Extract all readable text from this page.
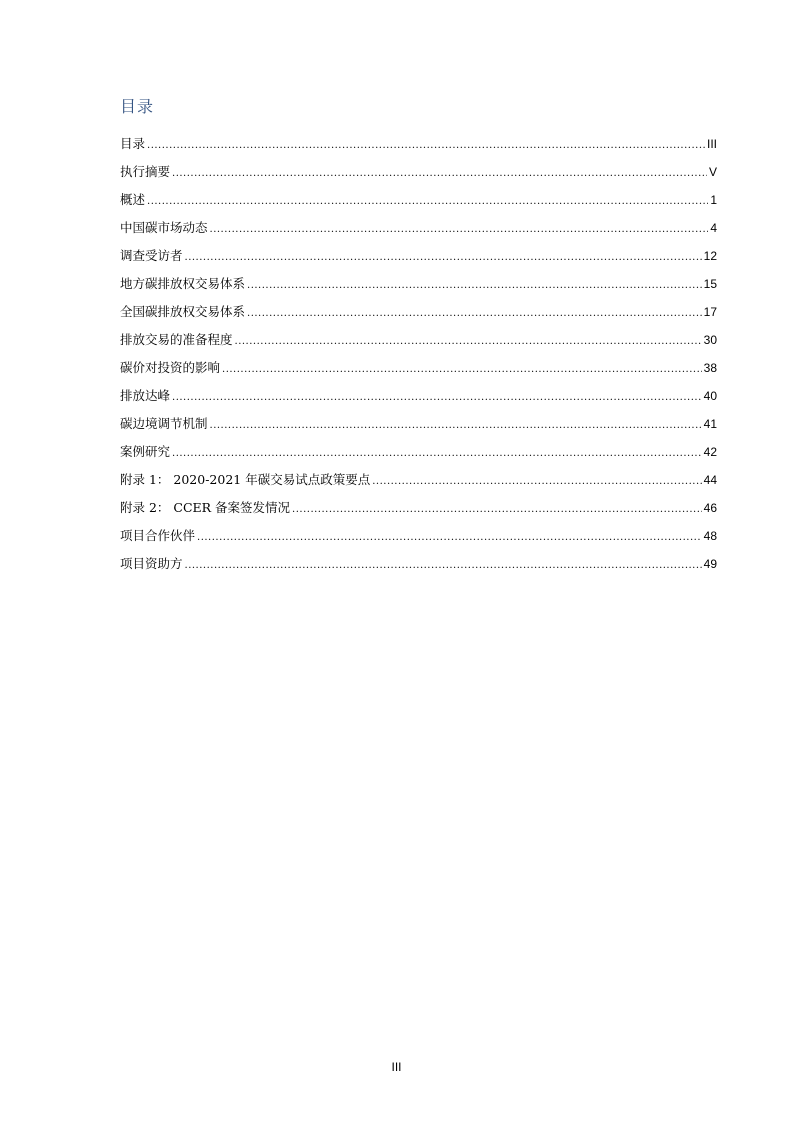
目录
目录 .....	III
执行摘要 .....	V
概述 .....	1
中国碳市场动态 .....	4
调查受访者 .....	12
地方碳排放权交易体系 .....	15
全国碳排放权交易体系 .....	17
排放交易的准备程度 .....	30
碳价对投资的影响 .....	38
排放达峰 .....	40
碳边境调节机制 .....	41
案例研究 .....	42
附录 1： 2020-2021 年碳交易试点政策要点 .....	44
附录 2： CCER 备案签发情况 .....	46
项目合作伙伴 .....	48
项目资助方 .....	49
III
